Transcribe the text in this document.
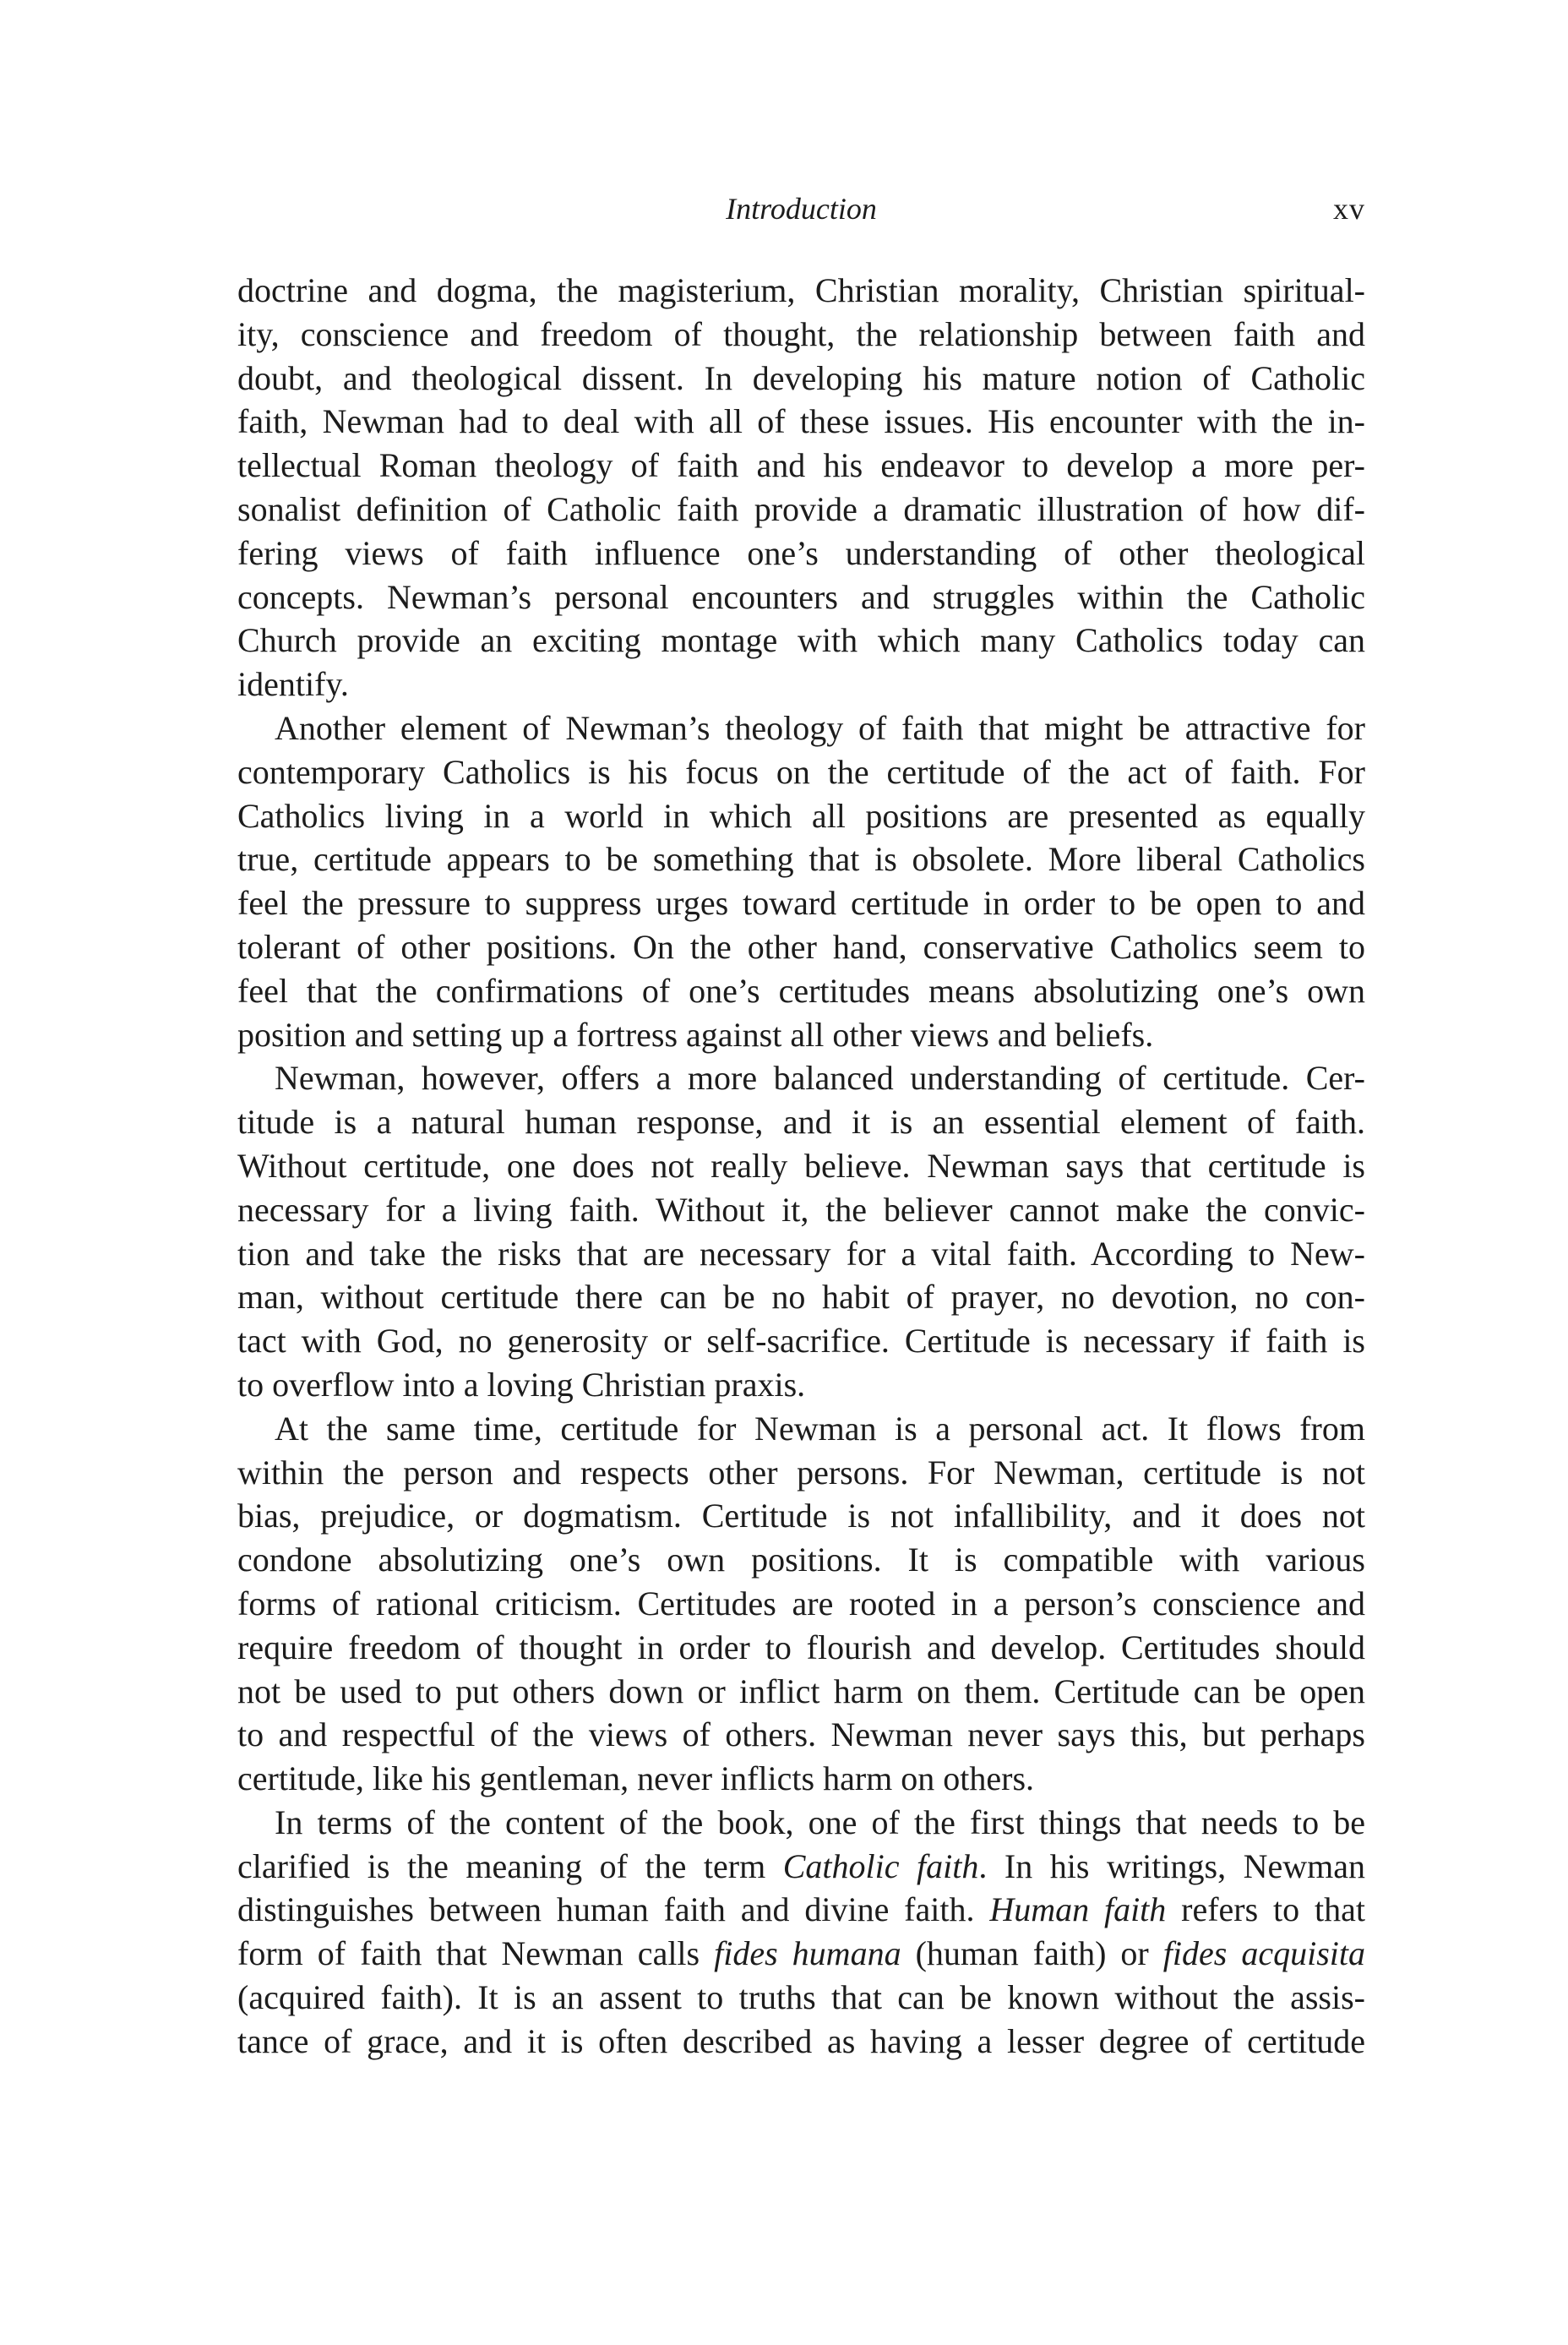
Introduction	xv
doctrine and dogma, the magisterium, Christian morality, Christian spiritual-
ity, conscience and freedom of thought, the relationship between faith and
doubt, and theological dissent. In developing his mature notion of Catholic
faith, Newman had to deal with all of these issues. His encounter with the in-
tellectual Roman theology of faith and his endeavor to develop a more per-
sonalist definition of Catholic faith provide a dramatic illustration of how dif-
fering views of faith influence one’s understanding of other theological
concepts. Newman’s personal encounters and struggles within the Catholic
Church provide an exciting montage with which many Catholics today can
identify.
Another element of Newman’s theology of faith that might be attractive for
contemporary Catholics is his focus on the certitude of the act of faith. For
Catholics living in a world in which all positions are presented as equally
true, certitude appears to be something that is obsolete. More liberal Catholics
feel the pressure to suppress urges toward certitude in order to be open to and
tolerant of other positions. On the other hand, conservative Catholics seem to
feel that the confirmations of one’s certitudes means absolutizing one’s own
position and setting up a fortress against all other views and beliefs.
Newman, however, offers a more balanced understanding of certitude. Cer-
titude is a natural human response, and it is an essential element of faith.
Without certitude, one does not really believe. Newman says that certitude is
necessary for a living faith. Without it, the believer cannot make the convic-
tion and take the risks that are necessary for a vital faith. According to New-
man, without certitude there can be no habit of prayer, no devotion, no con-
tact with God, no generosity or self-sacrifice. Certitude is necessary if faith is
to overflow into a loving Christian praxis.
At the same time, certitude for Newman is a personal act. It flows from
within the person and respects other persons. For Newman, certitude is not
bias, prejudice, or dogmatism. Certitude is not infallibility, and it does not
condone absolutizing one’s own positions. It is compatible with various
forms of rational criticism. Certitudes are rooted in a person’s conscience and
require freedom of thought in order to flourish and develop. Certitudes should
not be used to put others down or inflict harm on them. Certitude can be open
to and respectful of the views of others. Newman never says this, but perhaps
certitude, like his gentleman, never inflicts harm on others.
In terms of the content of the book, one of the first things that needs to be
clarified is the meaning of the term Catholic faith. In his writings, Newman
distinguishes between human faith and divine faith. Human faith refers to that
form of faith that Newman calls fides humana (human faith) or fides acquisita
(acquired faith). It is an assent to truths that can be known without the assis-
tance of grace, and it is often described as having a lesser degree of certitude
